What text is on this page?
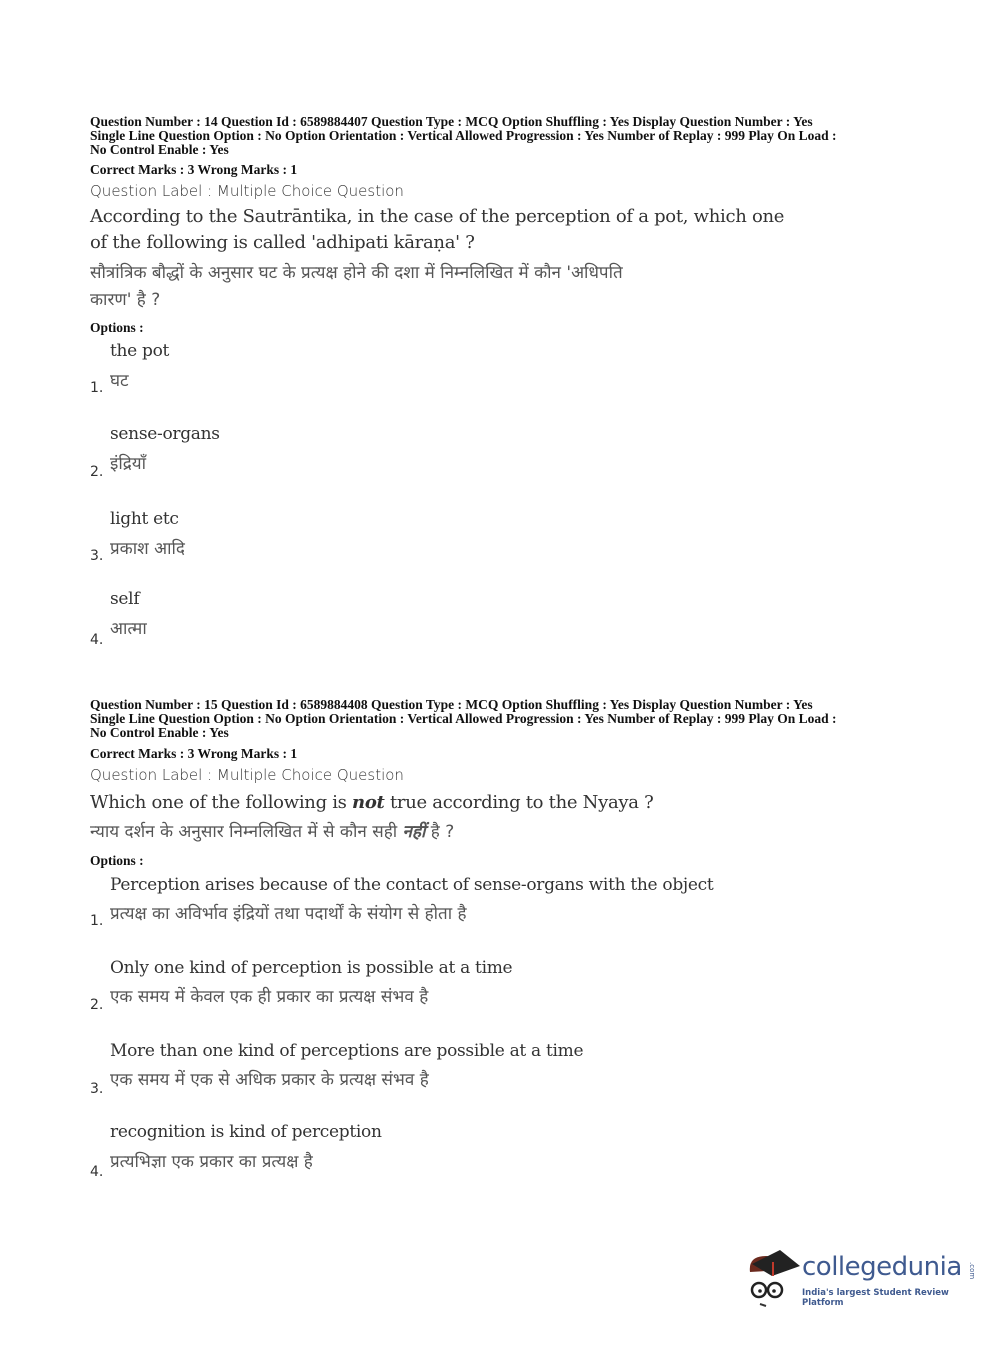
Question Number : 14 Question Id : 6589884407 Question Type : MCQ Option Shuffling : Yes Display Question Number : Yes
Single Line Question Option : No Option Orientation : Vertical Allowed Progression : Yes Number of Replay : 999 Play On Load :
No Control Enable : Yes
Correct Marks : 3 Wrong Marks : 1
Question Label : Multiple Choice Question
According to the Sautrāntika, in the case of the perception of a pot, which one
of the following is called 'adhipati kāraṇa' ?
सौत्रांत्रिक बौद्धों के अनुसार घट के प्रत्यक्ष होने की दशा में निम्नलिखित में कौन 'अधिपति
कारण' है ?
Options :
the pot
घट
1.
sense-organs
इंद्रियाँ
2.
light etc
प्रकाश आदि
3.
self
आत्मा
4.
Question Number : 15 Question Id : 6589884408 Question Type : MCQ Option Shuffling : Yes Display Question Number : Yes
Single Line Question Option : No Option Orientation : Vertical Allowed Progression : Yes Number of Replay : 999 Play On Load :
No Control Enable : Yes
Correct Marks : 3 Wrong Marks : 1
Question Label : Multiple Choice Question
Which one of the following is not true according to the Nyaya ?
न्याय दर्शन के अनुसार निम्नलिखित में से कौन सही नहीं है ?
Options :
Perception arises because of the contact of sense-organs with the object
प्रत्यक्ष का अविर्भाव इंद्रियों तथा पदार्थों के संयोग से होता है
1.
Only one kind of perception is possible at a time
एक समय में केवल एक ही प्रकार का प्रत्यक्ष संभव है
2.
More than one kind of perceptions are possible at a time
एक समय में एक से अधिक प्रकार के प्रत्यक्ष संभव है
3.
recognition is kind of perception
प्रत्यभिज्ञा एक प्रकार का प्रत्यक्ष है
4.
collegedunia .com
India's largest Student Review Platform
